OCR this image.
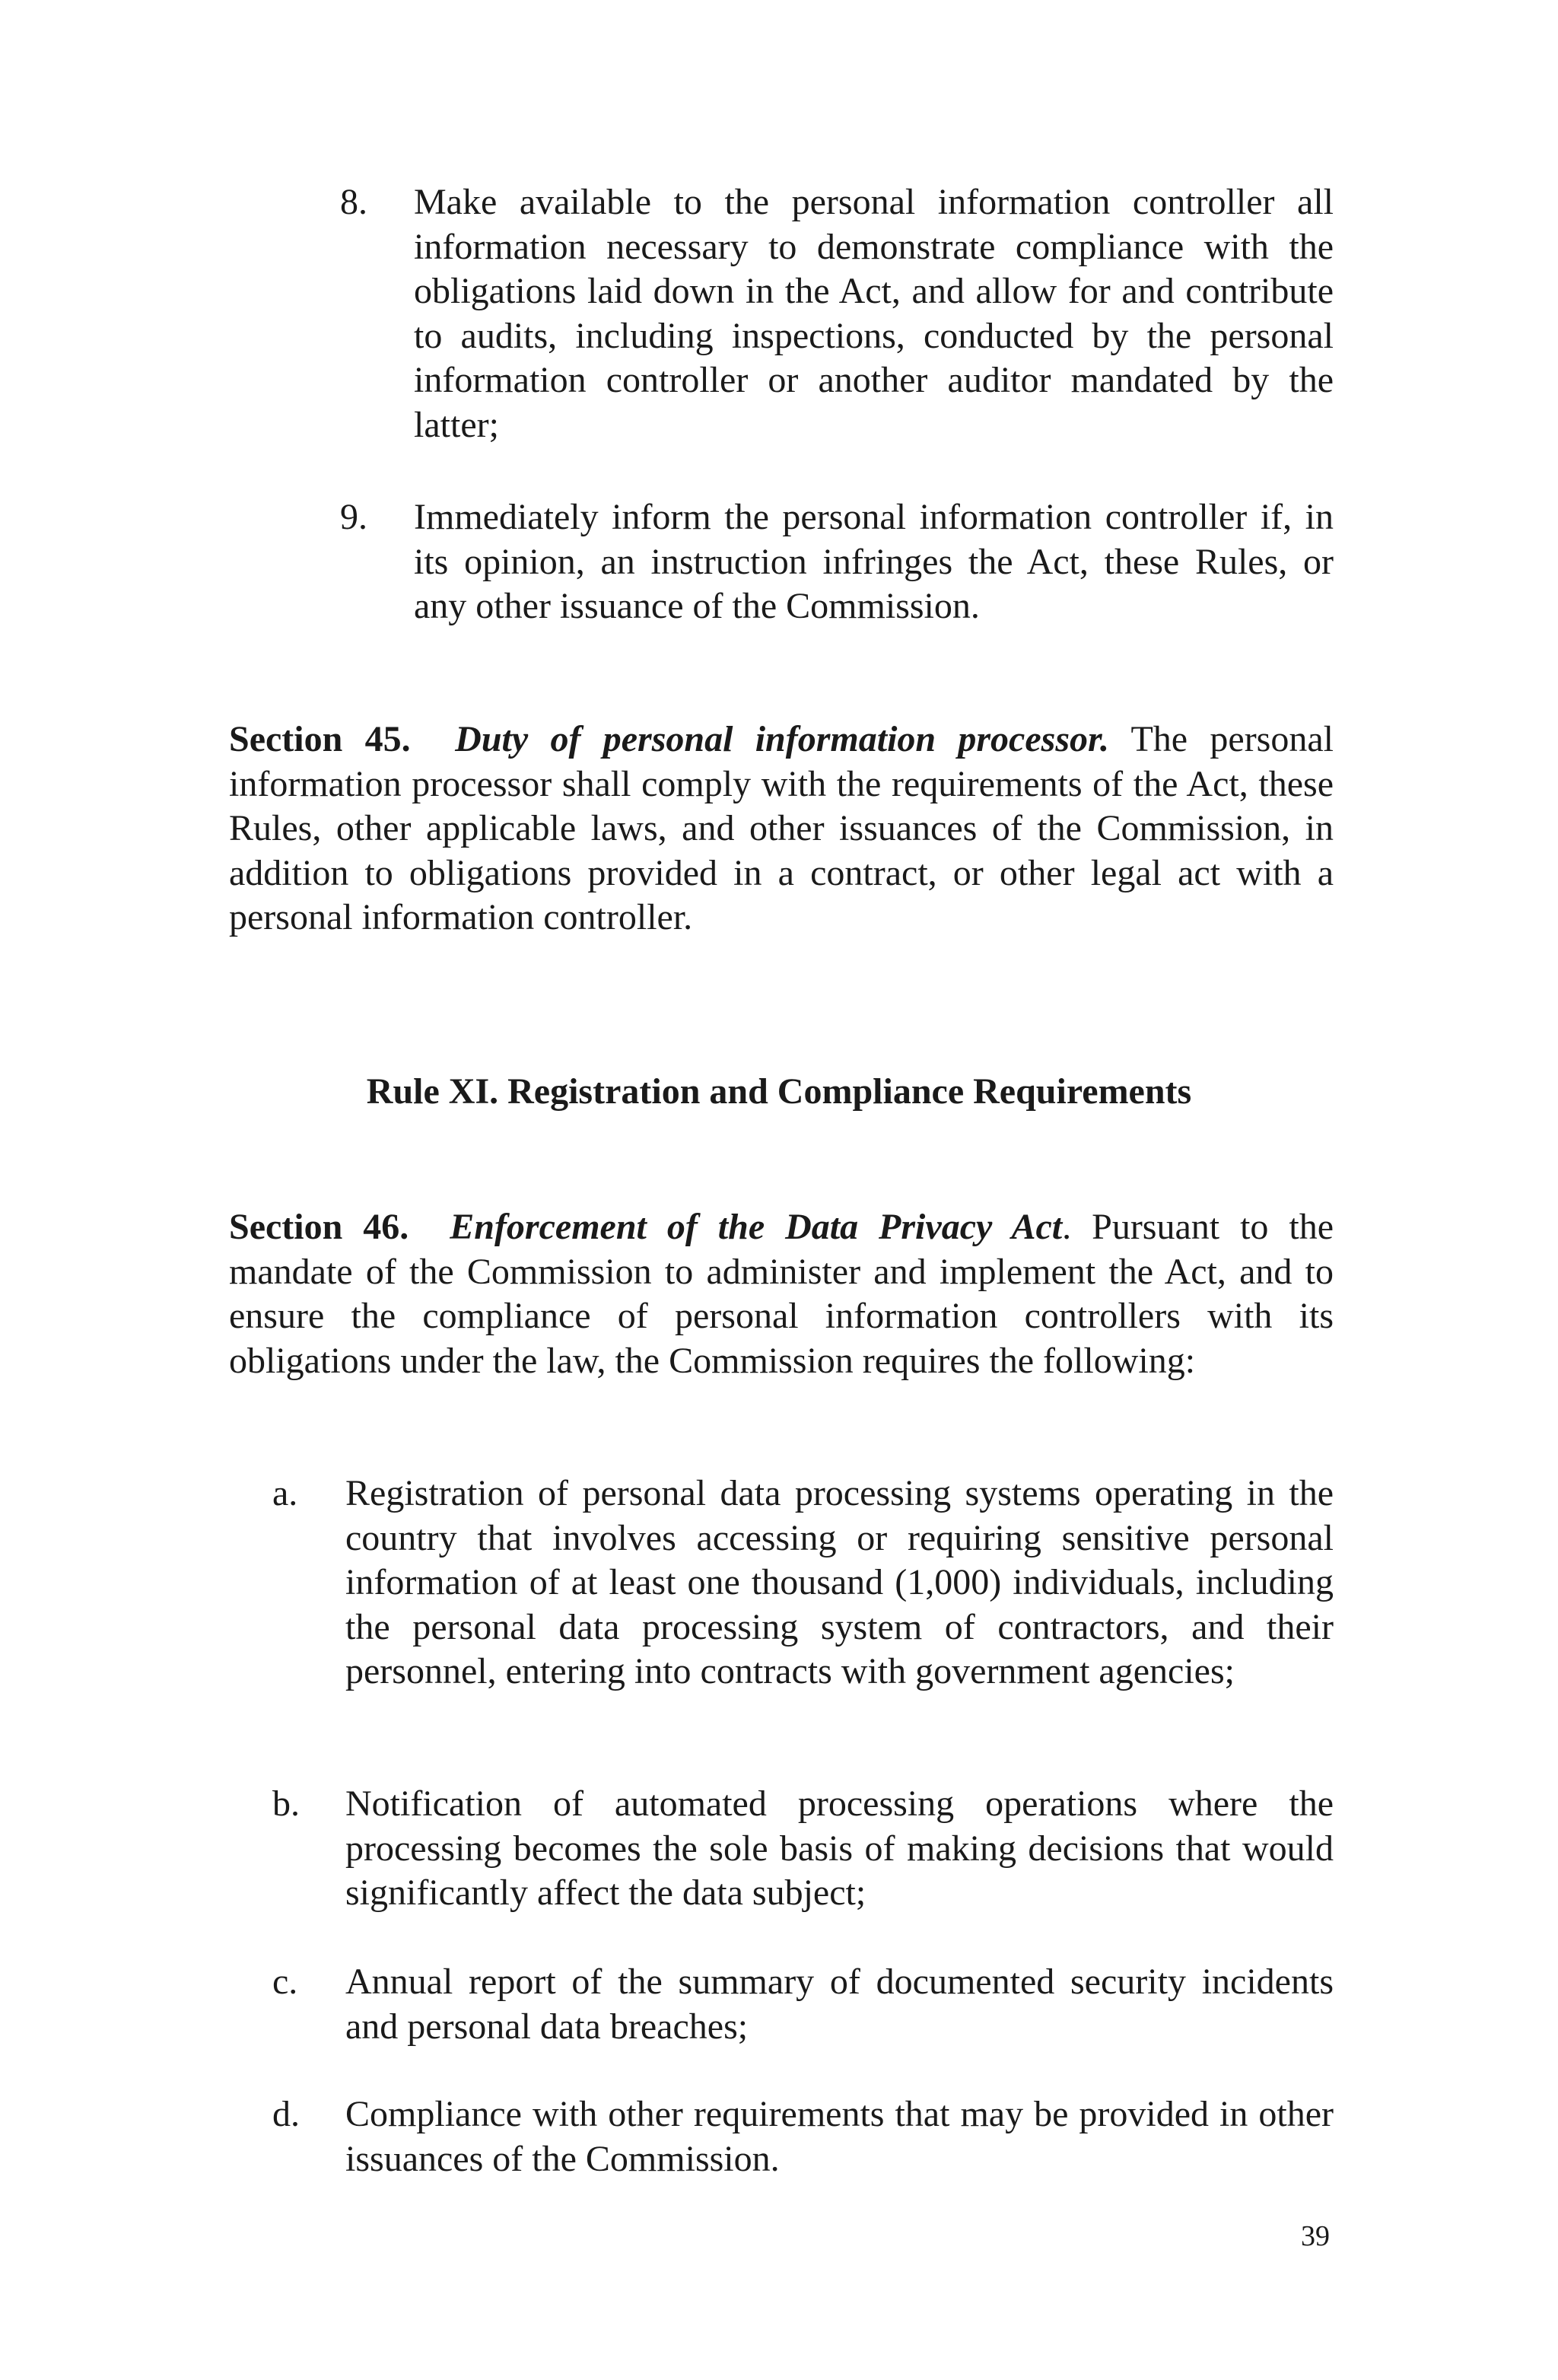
8. Make available to the personal information controller all information necessary to demonstrate compliance with the obligations laid down in the Act, and allow for and contribute to audits, including inspections, conducted by the personal information controller or another auditor mandated by the latter;
9. Immediately inform the personal information controller if, in its opinion, an instruction infringes the Act, these Rules, or any other issuance of the Commission.
Section 45. Duty of personal information processor. The personal information processor shall comply with the requirements of the Act, these Rules, other applicable laws, and other issuances of the Commission, in addition to obligations provided in a contract, or other legal act with a personal information controller.
Rule XI. Registration and Compliance Requirements
Section 46. Enforcement of the Data Privacy Act. Pursuant to the mandate of the Commission to administer and implement the Act, and to ensure the compliance of personal information controllers with its obligations under the law, the Commission requires the following:
a. Registration of personal data processing systems operating in the country that involves accessing or requiring sensitive personal information of at least one thousand (1,000) individuals, including the personal data processing system of contractors, and their personnel, entering into contracts with government agencies;
b. Notification of automated processing operations where the processing becomes the sole basis of making decisions that would significantly affect the data subject;
c. Annual report of the summary of documented security incidents and personal data breaches;
d. Compliance with other requirements that may be provided in other issuances of the Commission.
39
